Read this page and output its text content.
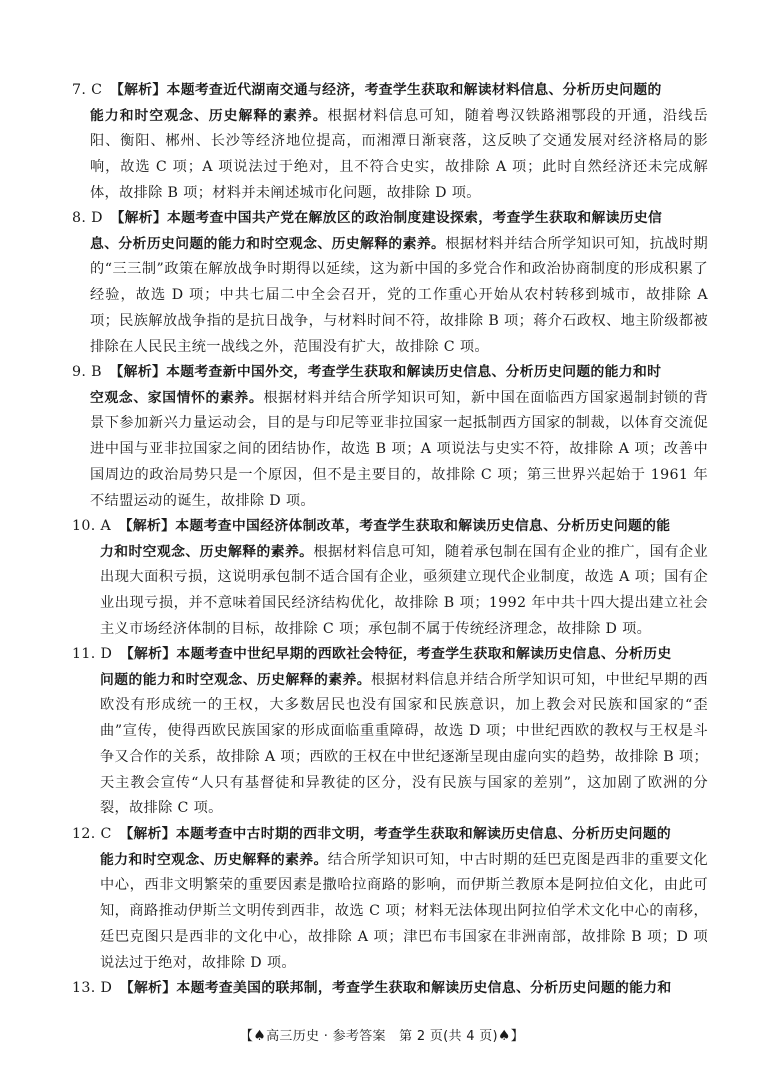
7. C　 【解析】本题考查近代湖南交通与经济，考查学生获取和解读材料信息、分析历史问题的
能力和时空观念、历史解释的素养。根据材料信息可知，随着粤汉铁路湘鄂段的开通，沿线岳阳、衡阳、郴州、长沙等经济地位提高，而湘潭日渐衰落，这反映了交通发展对经济格局的影响，故选 C 项；A 项说法过于绝对，且不符合史实，故排除 A 项；此时自然经济还未完成解体，故排除 B 项；材料并未阐述城市化问题，故排除 D 项。
8. D　 【解析】本题考查中国共产党在解放区的政治制度建设探索，考查学生获取和解读历史信
息、分析历史问题的能力和时空观念、历史解释的素养。根据材料并结合所学知识可知，抗战时期的“三三制”政策在解放战争时期得以延续，这为新中国的多党合作和政治协商制度的形成积累了经验，故选 D 项；中共七届二中全会召开，党的工作重心开始从农村转移到城市，故排除 A 项；民族解放战争指的是抗日战争，与材料时间不符，故排除 B 项；蒋介石政权、地主阶级都被排除在人民民主统一战线之外，范围没有扩大，故排除 C 项。
9. B　 【解析】本题考查新中国外交，考查学生获取和解读历史信息、分析历史问题的能力和时
空观念、家国情怀的素养。根据材料并结合所学知识可知，新中国在面临西方国家遏制封锁的背景下参加新兴力量运动会，目的是与印尼等亚非拉国家一起抵制西方国家的制裁，以体育交流促进中国与亚非拉国家之间的团结协作，故选 B 项；A 项说法与史实不符，故排除 A 项；改善中国周边的政治局势只是一个原因，但不是主要目的，故排除 C 项；第三世界兴起始于 1961 年不结盟运动的诞生，故排除 D 项。
10. A　 【解析】本题考查中国经济体制改革，考查学生获取和解读历史信息、分析历史问题的能
力和时空观念、历史解释的素养。根据材料信息可知，随着承包制在国有企业的推广，国有企业出现大面积亏损，这说明承包制不适合国有企业，亟须建立现代企业制度，故选 A 项；国有企业出现亏损，并不意味着国民经济结构优化，故排除 B 项；1992 年中共十四大提出建立社会主义市场经济体制的目标，故排除 C 项；承包制不属于传统经济理念，故排除 D 项。
11. D　 【解析】本题考查中世纪早期的西欧社会特征，考查学生获取和解读历史信息、分析历史
问题的能力和时空观念、历史解释的素养。根据材料信息并结合所学知识可知，中世纪早期的西欧没有形成统一的王权，大多数居民也没有国家和民族意识，加上教会对民族和国家的“歪曲”宣传，使得西欧民族国家的形成面临重重障碍，故选 D 项；中世纪西欧的教权与王权是斗争又合作的关系，故排除 A 项；西欧的王权在中世纪逐渐呈现由虚向实的趋势，故排除 B 项；天主教会宣传“人只有基督徒和异教徒的区分，没有民族与国家的差别”，这加剧了欧洲的分裂，故排除 C 项。
12. C　 【解析】本题考查中古时期的西非文明，考查学生获取和解读历史信息、分析历史问题的
能力和时空观念、历史解释的素养。结合所学知识可知，中古时期的廷巴克图是西非的重要文化中心，西非文明繁荣的重要因素是撒哈拉商路的影响，而伊斯兰教原本是阿拉伯文化，由此可知，商路推动伊斯兰文明传到西非，故选 C 项；材料无法体现出阿拉伯学术文化中心的南移，廷巴克图只是西非的文化中心，故排除 A 项；津巴布韦国家在非洲南部，故排除 B 项；D 项说法过于绝对，故排除 D 项。
13. D　 【解析】本题考查美国的联邦制，考查学生获取和解读历史信息、分析历史问题的能力和
【♠高三历史 · 参考答案　第 2 页(共 4 页)♠】
